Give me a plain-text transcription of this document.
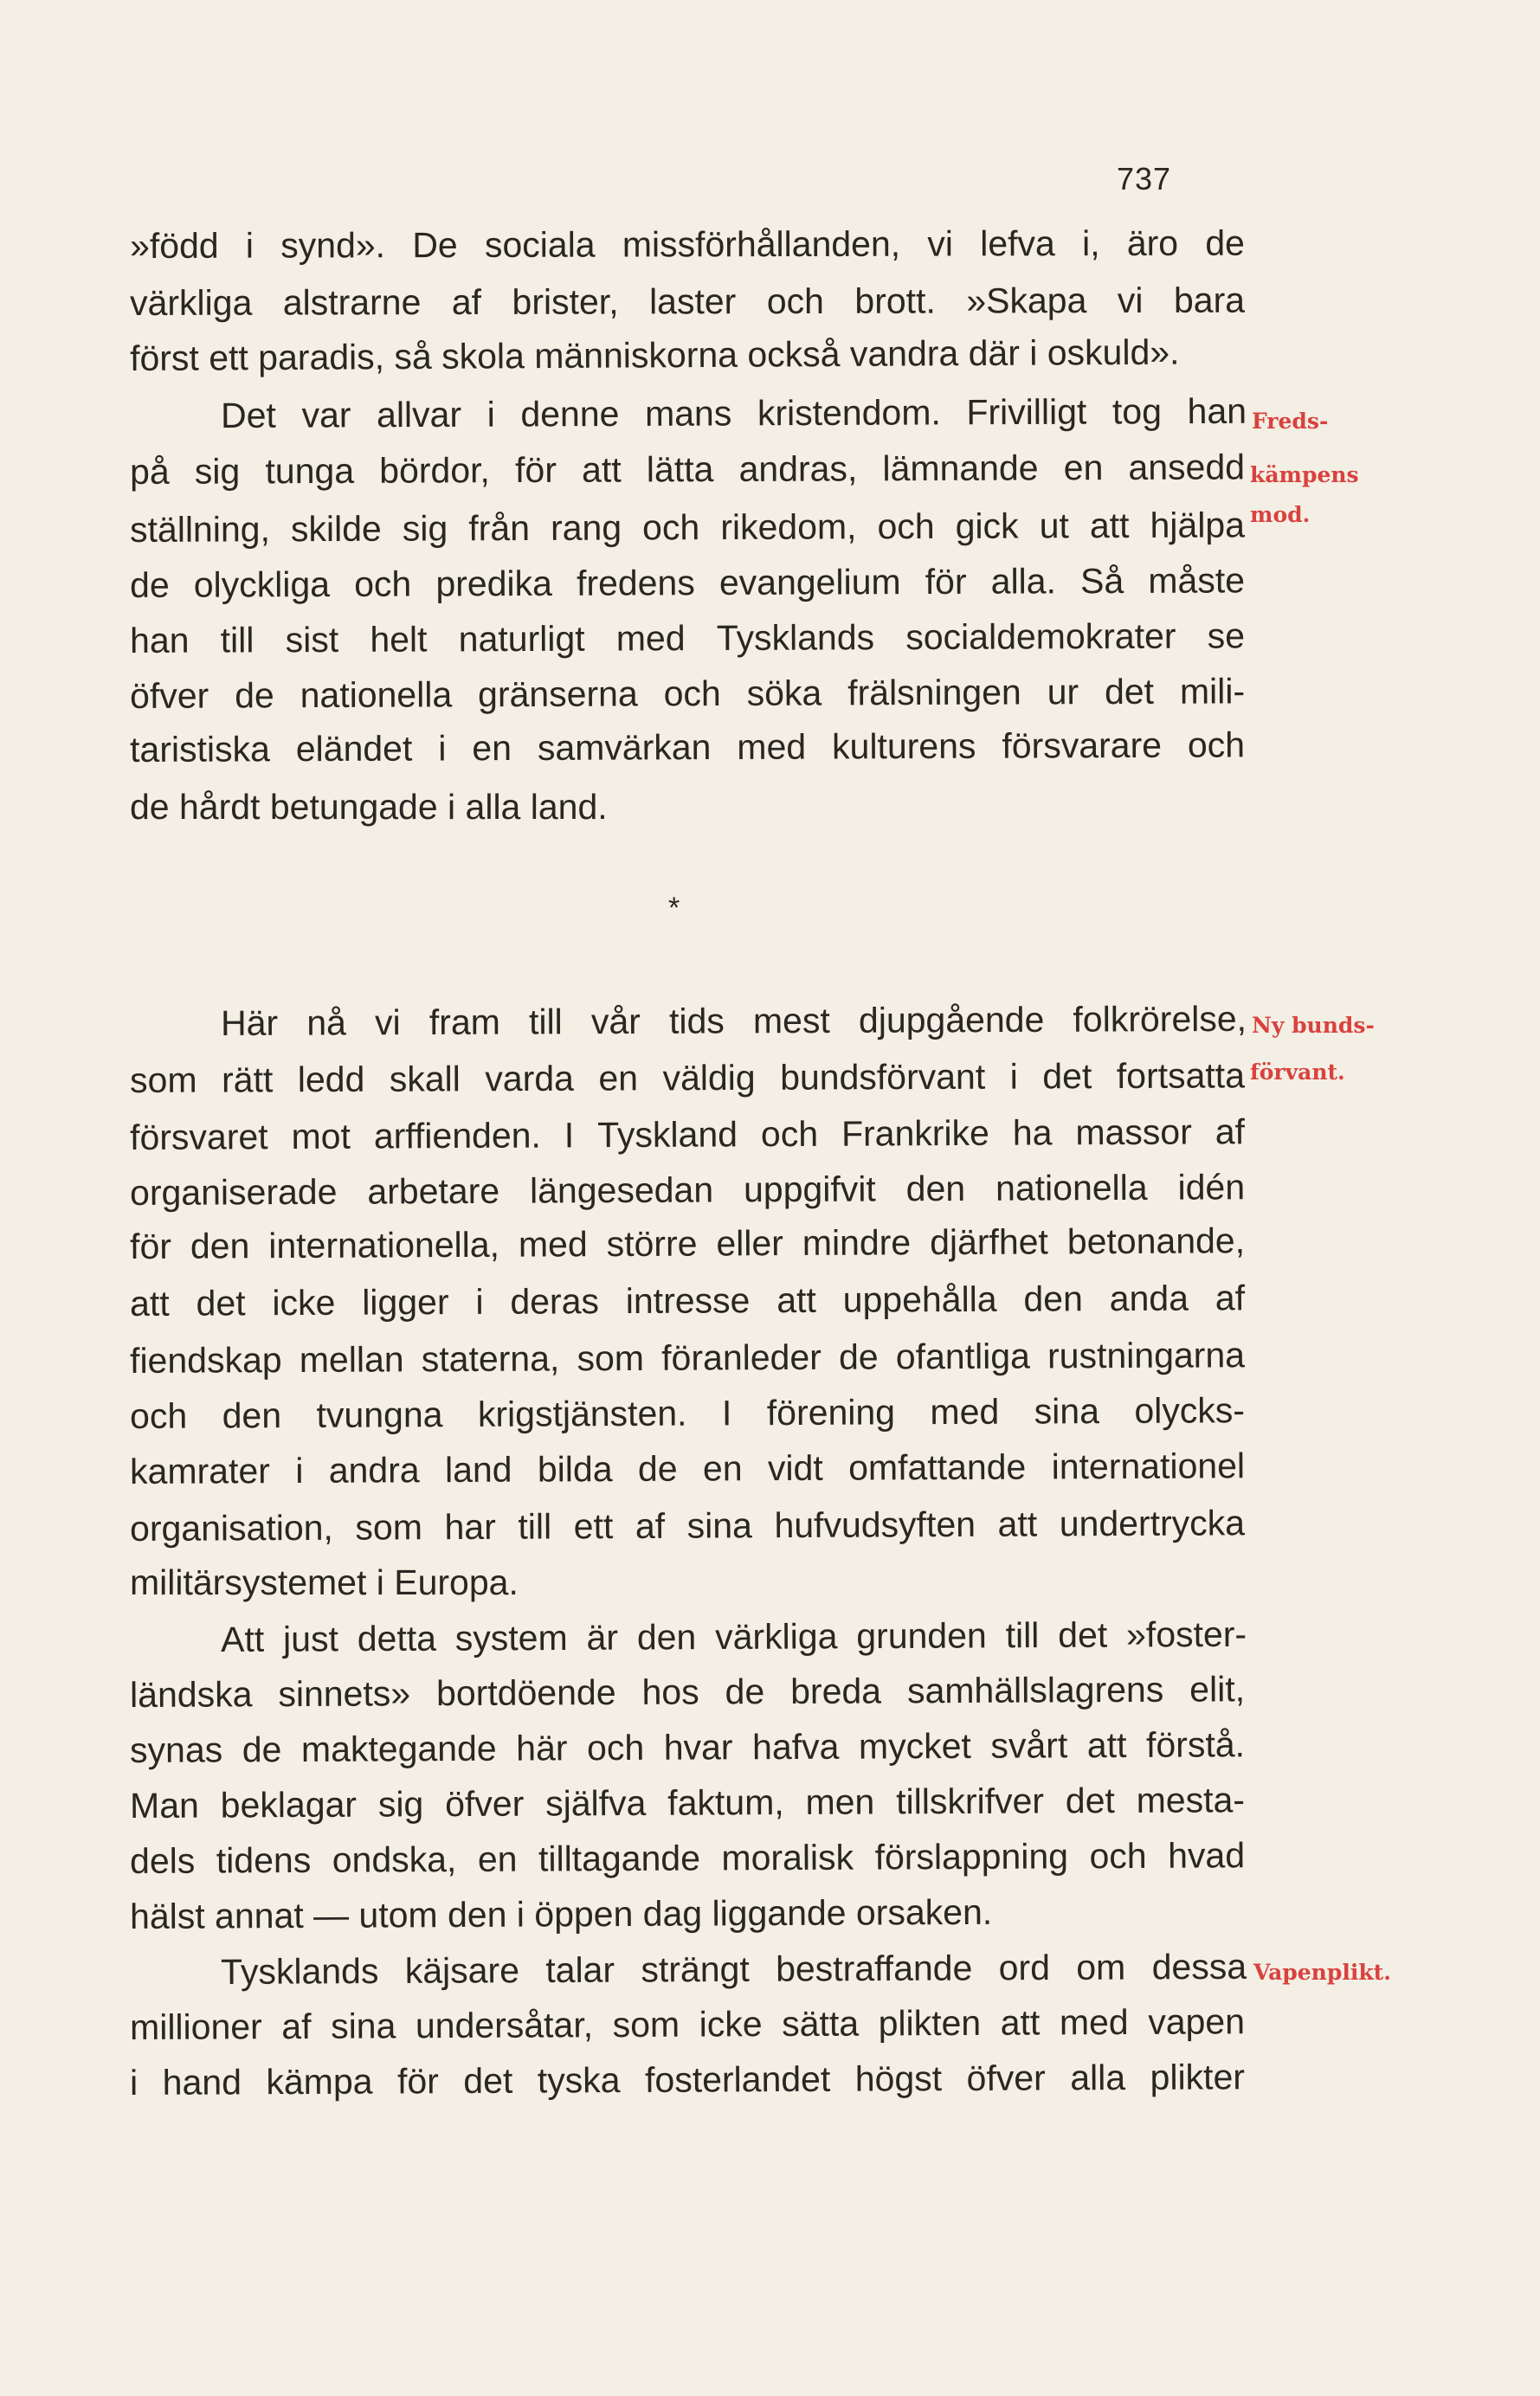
737
»född i synd». De sociala missförhållanden, vi lefva i, äro de
värkliga alstrarne af brister, laster och brott. »Skapa vi bara
först ett paradis, så skola människorna också vandra där i oskuld».
Det var allvar i denne mans kristendom. Frivilligt tog han
på sig tunga bördor, för att lätta andras, lämnande en ansedd
ställning, skilde sig från rang och rikedom, och gick ut att hjälpa
de olyckliga och predika fredens evangelium för alla. Så måste
han till sist helt naturligt med Tysklands socialdemokrater se
öfver de nationella gränserna och söka frälsningen ur det mili-
taristiska eländet i en samvärkan med kulturens försvarare och
de hårdt betungade i alla land.
*
Här nå vi fram till vår tids mest djupgående folkrörelse,
som rätt ledd skall varda en väldig bundsförvant i det fortsatta
försvaret mot arffienden. I Tyskland och Frankrike ha massor af
organiserade arbetare längesedan uppgifvit den nationella idén
för den internationella, med större eller mindre djärfhet betonande,
att det icke ligger i deras intresse att uppehålla den anda af
fiendskap mellan staterna, som föranleder de ofantliga rustningarna
och den tvungna krigstjänsten. I förening med sina olycks-
kamrater i andra land bilda de en vidt omfattande internationel
organisation, som har till ett af sina hufvudsyften att undertrycka
militärsystemet i Europa.
Att just detta system är den värkliga grunden till det »foster-
ländska sinnets» bortdöende hos de breda samhällslagrens elit,
synas de maktegande här och hvar hafva mycket svårt att förstå.
Man beklagar sig öfver själfva faktum, men tillskrifver det mesta-
dels tidens ondska, en tilltagande moralisk förslappning och hvad
hälst annat — utom den i öppen dag liggande orsaken.
Tysklands käjsare talar strängt bestraffande ord om dessa
millioner af sina undersåtar, som icke sätta plikten att med vapen
i hand kämpa för det tyska fosterlandet högst öfver alla plikter
Freds-
kämpens
mod.
Ny bunds-
förvant.
Vapenplikt.
